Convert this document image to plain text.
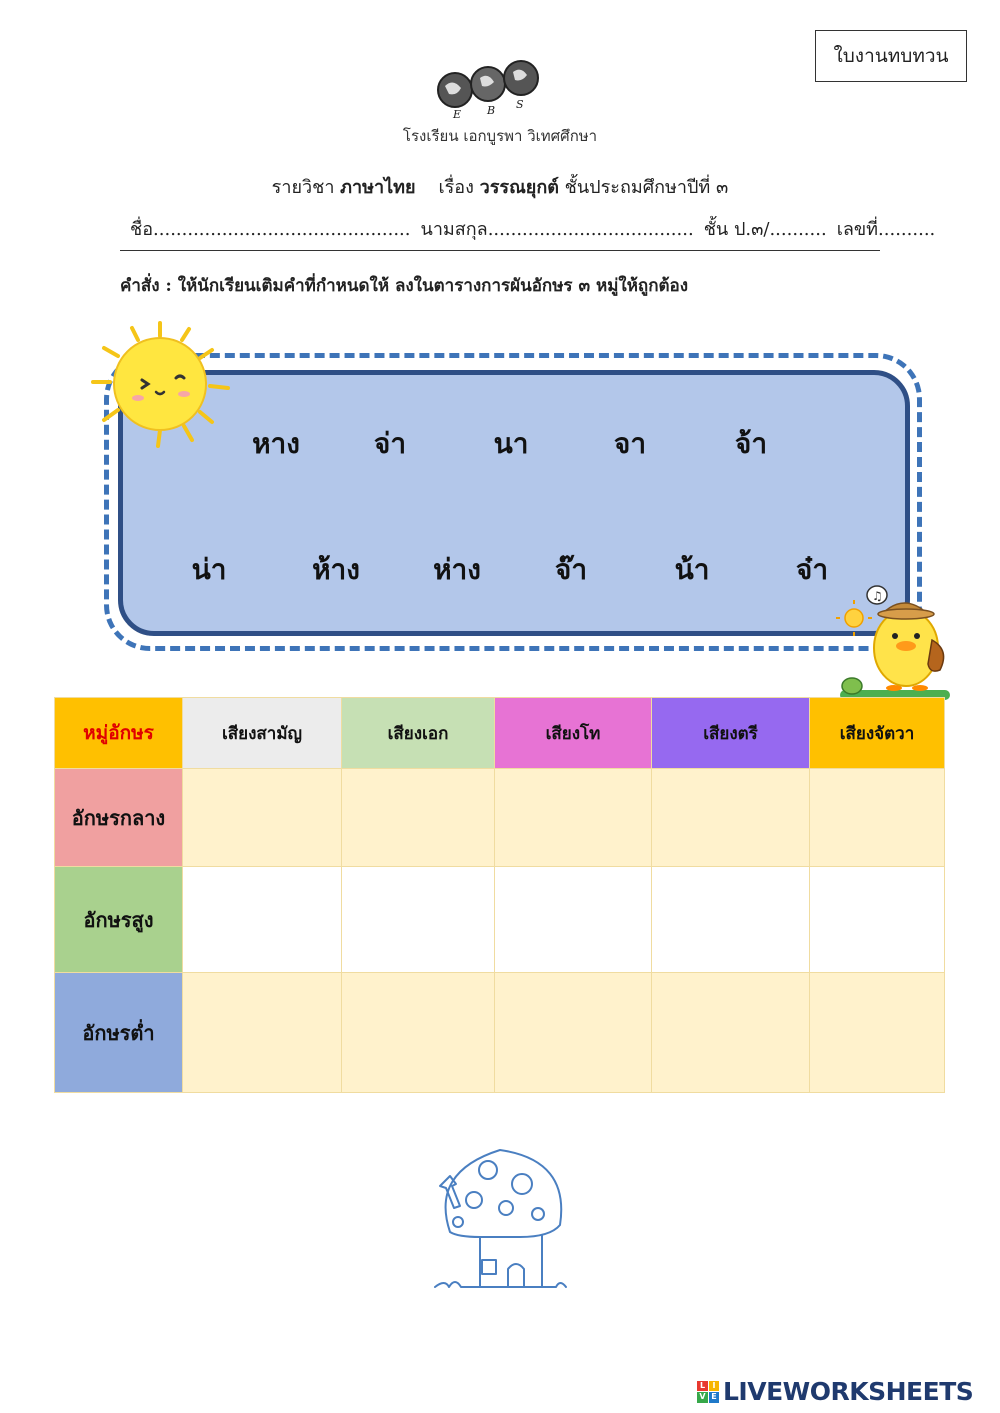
ใบงานทบทวน
E B S
โรงเรียน เอกบูรพา วิเทศศึกษา
รายวิชา ภาษาไทย เรื่อง วรรณยุกต์ ชั้นประถมศึกษาปีที่ ๓
ชื่อ............................................. นามสกุล.................................... ชั้น ป.๓/.......... เลขที่..........
คำสั่ง : ให้นักเรียนเติมคำที่กำหนดให้ ลงในตารางการผันอักษร ๓ หมู่ให้ถูกต้อง
หาง	จ่า	นา	จา	จ้า
น่า	ห้าง	ห่าง	จ๊า	น้า	จ๋า
♫
หมู่อักษร	เสียงสามัญ	เสียงเอก	เสียงโท	เสียงตรี	เสียงจัตวา
อักษรกลาง					
อักษรสูง					
อักษรต่ำ					
L I
V E LIVEWORKSHEETS
